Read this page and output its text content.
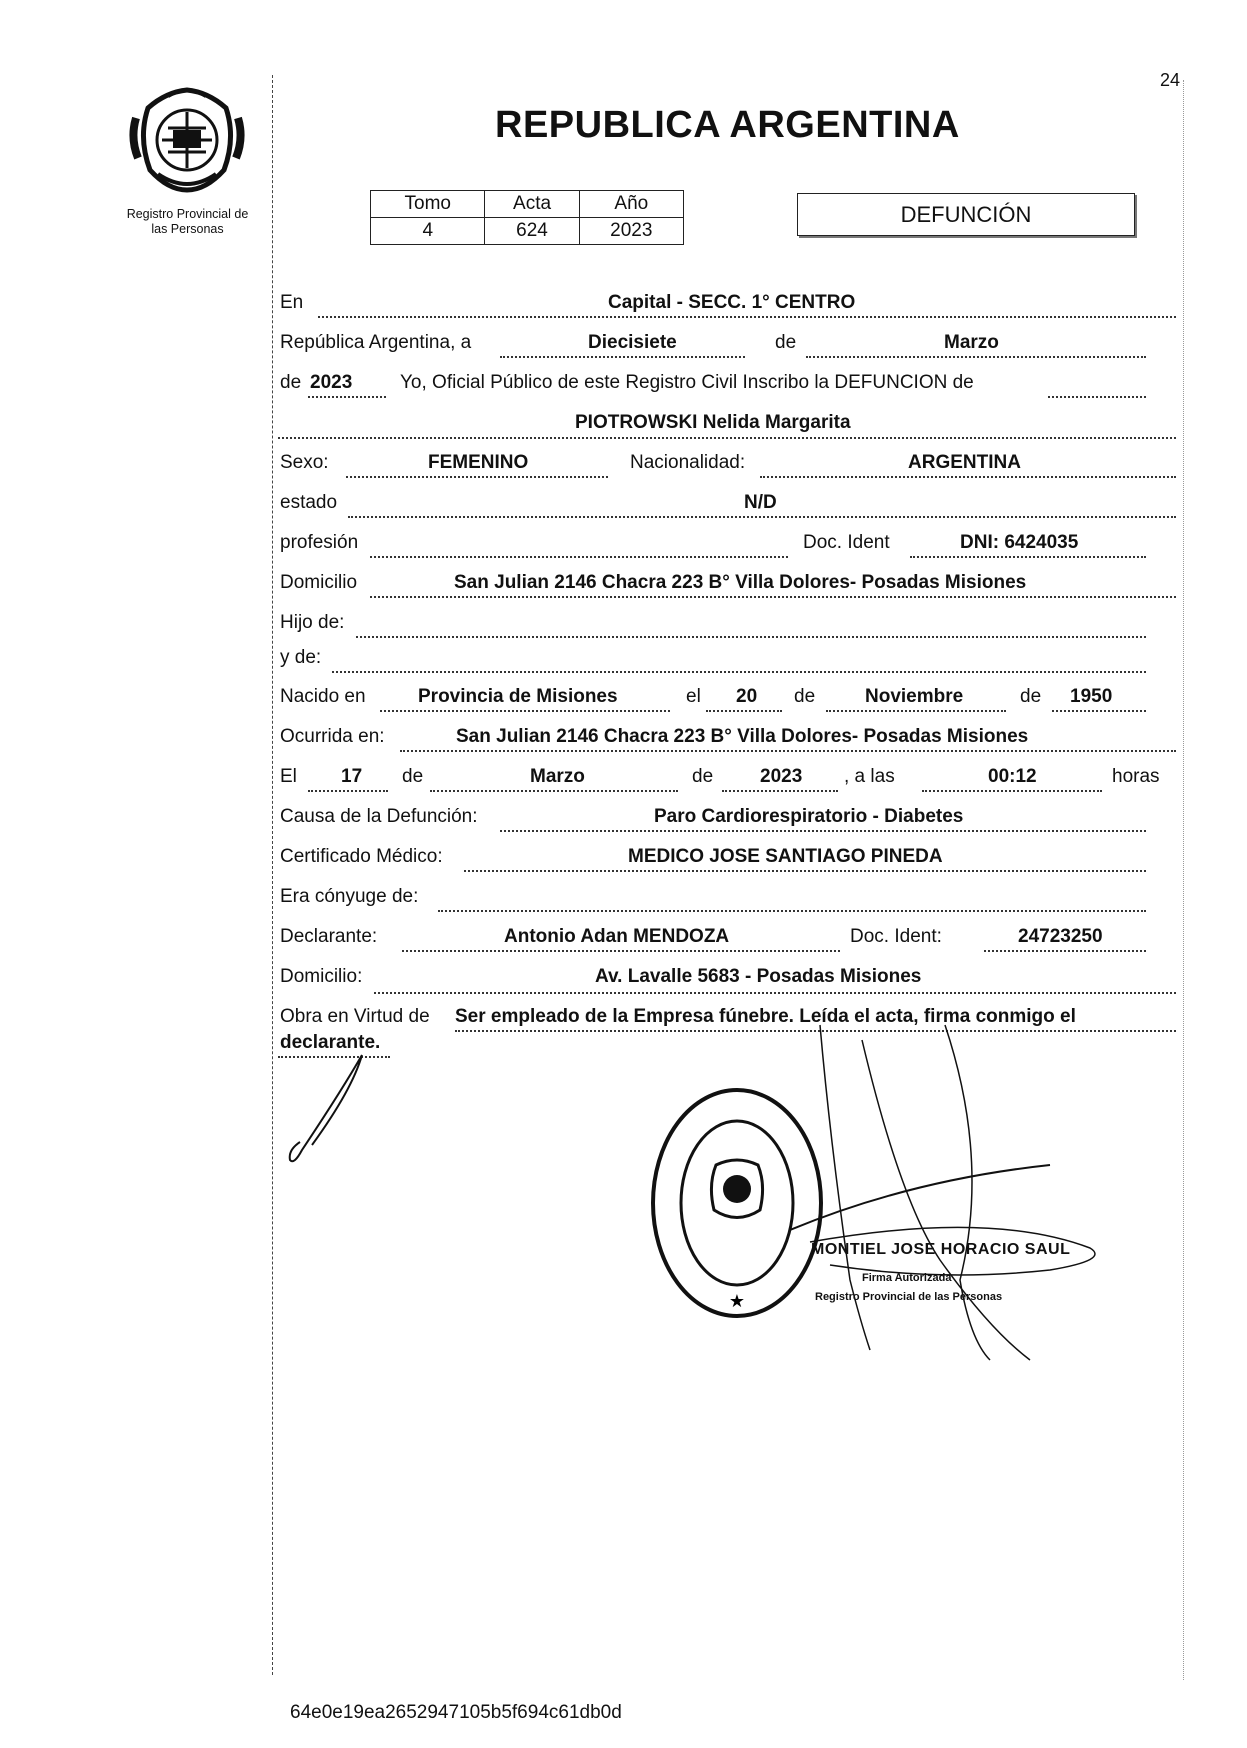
24
Registro Provincial de
las Personas
REPUBLICA ARGENTINA
Tomo	Acta	Año
4	624	2023
DEFUNCIÓN
En	Capital - SECC. 1° CENTRO
República Argentina, a	Diecisiete	de	Marzo
de 2023	Yo, Oficial Público de este Registro Civil Inscribo la DEFUNCION de
PIOTROWSKI Nelida Margarita
Sexo:	FEMENINO	Nacionalidad:	ARGENTINA
estado	N/D
profesión	Doc. Ident	DNI: 6424035
Domicilio	San Julian 2146 Chacra 223 B° Villa Dolores- Posadas Misiones
Hijo de:
y de:
Nacido en	Provincia de Misiones	el 20 de	Noviembre	de 1950
Ocurrida en:	San Julian 2146 Chacra 223 B° Villa Dolores- Posadas Misiones
El 17 de	Marzo	de 2023 , a las	00:12	horas
Causa de la Defunción:	Paro Cardiorespiratorio - Diabetes
Certificado Médico:	MEDICO JOSE SANTIAGO PINEDA
Era cónyuge de:
Declarante:	Antonio Adan MENDOZA	Doc. Ident:	24723250
Domicilio:	Av. Lavalle 5683 - Posadas Misiones
Obra en Virtud de Ser empleado de la Empresa fúnebre. Leída el acta, firma conmigo el
declarante.
★
MONTIEL JOSE HORACIO SAUL
Firma Autorizada
Registro Provincial de las Personas
64e0e19ea2652947105b5f694c61db0d
